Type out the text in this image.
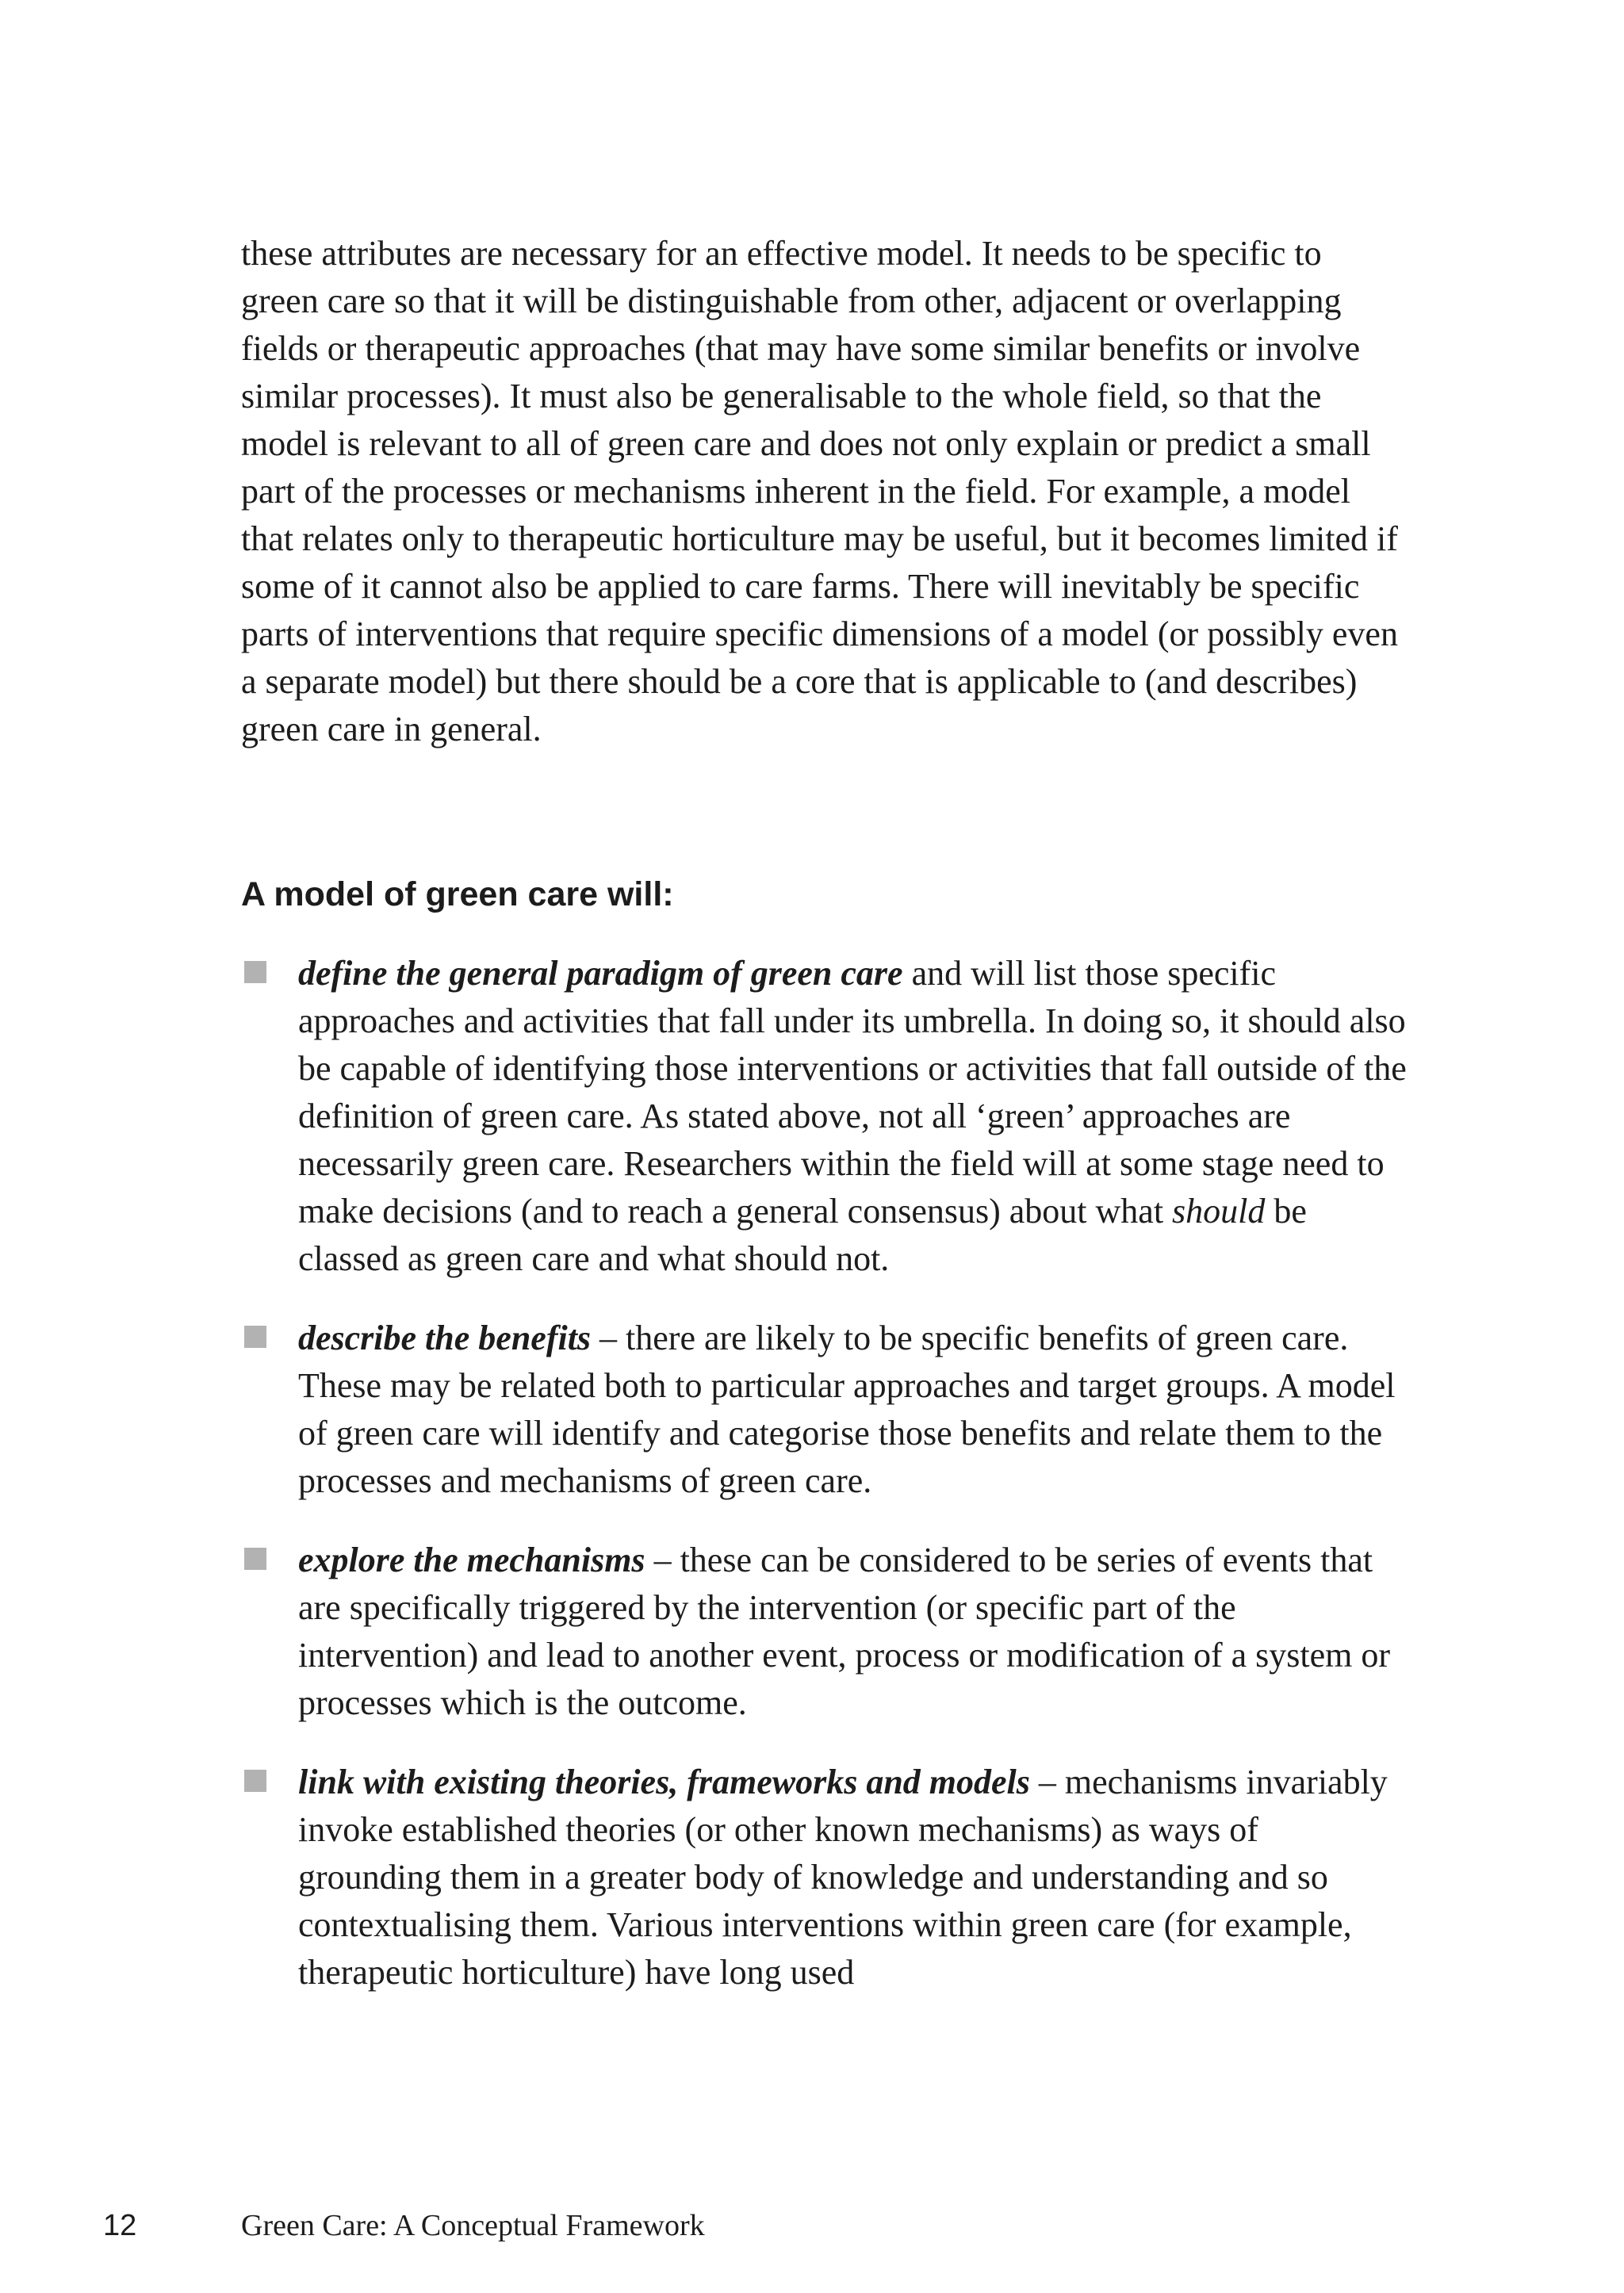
these attributes are necessary for an effective model. It needs to be specific to green care so that it will be distinguishable from other, adjacent or overlapping fields or therapeutic approaches (that may have some similar benefits or involve similar processes). It must also be generalisable to the whole field, so that the model is relevant to all of green care and does not only explain or predict a small part of the processes or mechanisms inherent in the field. For example, a model that relates only to therapeutic horticulture may be useful, but it becomes limited if some of it cannot also be applied to care farms. There will inevitably be specific parts of interventions that require specific dimensions of a model (or possibly even a separate model) but there should be a core that is applicable to (and describes) green care in general.

A model of green care will:
define the general paradigm of green care and will list those specific approaches and activities that fall under its umbrella. In doing so, it should also be capable of identifying those interventions or activities that fall outside of the definition of green care. As stated above, not all ‘green’ approaches are necessarily green care. Researchers within the field will at some stage need to make decisions (and to reach a general consensus) about what should be classed as green care and what should not.
describe the benefits – there are likely to be specific benefits of green care. These may be related both to particular approaches and target groups. A model of green care will identify and categorise those benefits and relate them to the processes and mechanisms of green care.
explore the mechanisms – these can be considered to be series of events that are specifically triggered by the intervention (or specific part of the intervention) and lead to another event, process or modification of a system or processes which is the outcome.
link with existing theories, frameworks and models – mechanisms invariably invoke established theories (or other known mechanisms) as ways of grounding them in a greater body of knowledge and understanding and so contextualising them. Various interventions within green care (for example, therapeutic horticulture) have long used
12	Green Care: A Conceptual Framework
